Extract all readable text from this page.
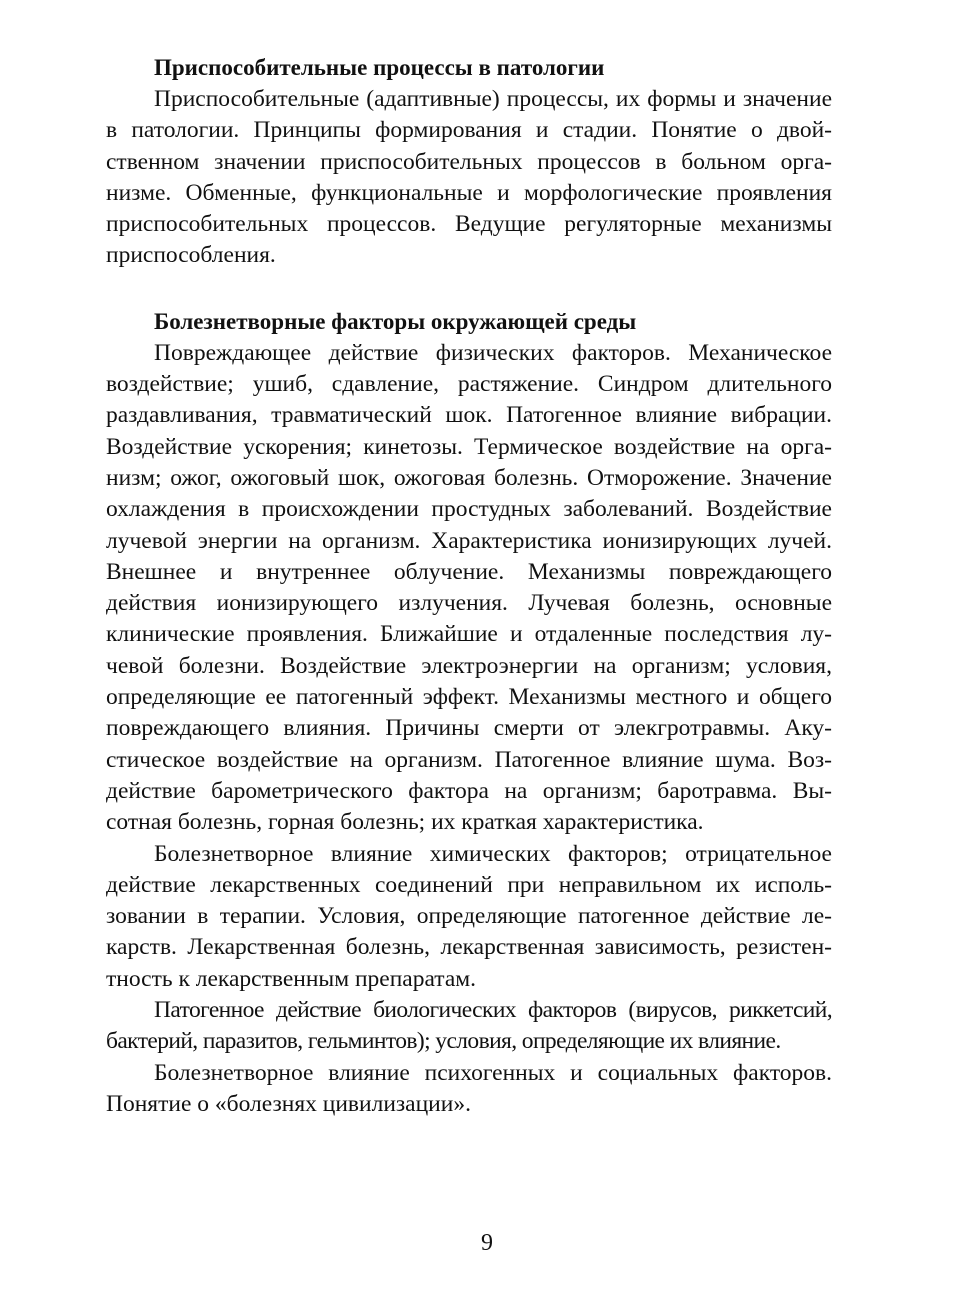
Приспособительные процессы в патологии

Приспособительные (адаптивные) процессы, их формы и значение в патологии. Принципы формирования и стадии. Понятие о двойственном значении приспособительных процессов в больном организме. Обменные, функциональные и морфологические проявления приспособительных процессов. Ведущие регуляторные механизмы приспособления.

Болезнетворные факторы окружающей среды

Повреждающее действие физических факторов. Механическое воздействие; ушиб, сдавление, растяжение. Синдром длительного раздавливания, травматический шок. Патогенное влияние вибрации. Воздействие ускорения; кинетозы. Термическое воздействие на организм; ожог, ожоговый шок, ожоговая болезнь. Отморожение. Значение охлаждения в происхождении простудных заболеваний. Воздействие лучевой энергии на организм. Характеристика ионизирующих лучей. Внешнее и внутреннее облучение. Механизмы повреждающего действия ионизирующего излучения. Лучевая болезнь, основные клинические проявления. Ближайшие и отдаленные последствия лучевой болезни. Воздействие электроэнергии на организм; условия, определяющие ее патогенный эффект. Механизмы местного и общего повреждающего влияния. Причины смерти от элекгротравмы. Акустическое воздействие на организм. Патогенное влияние шума. Воздействие барометрического фактора на организм; баротравма. Высотная болезнь, горная болезнь; их краткая характеристика.

Болезнетворное влияние химических факторов; отрицательное действие лекарственных соединений при неправильном их использовании в терапии. Условия, определяющие патогенное действие лекарств. Лекарственная болезнь, лекарственная зависимость, резистентность к лекарственным препаратам.

Патогенное действие биологических факторов (вирусов, риккетсий, бактерий, паразитов, гельминтов); условия, определяющие их влияние.

Болезнетворное влияние психогенных и социальных факторов. Понятие о «болезнях цивилизации».

9
